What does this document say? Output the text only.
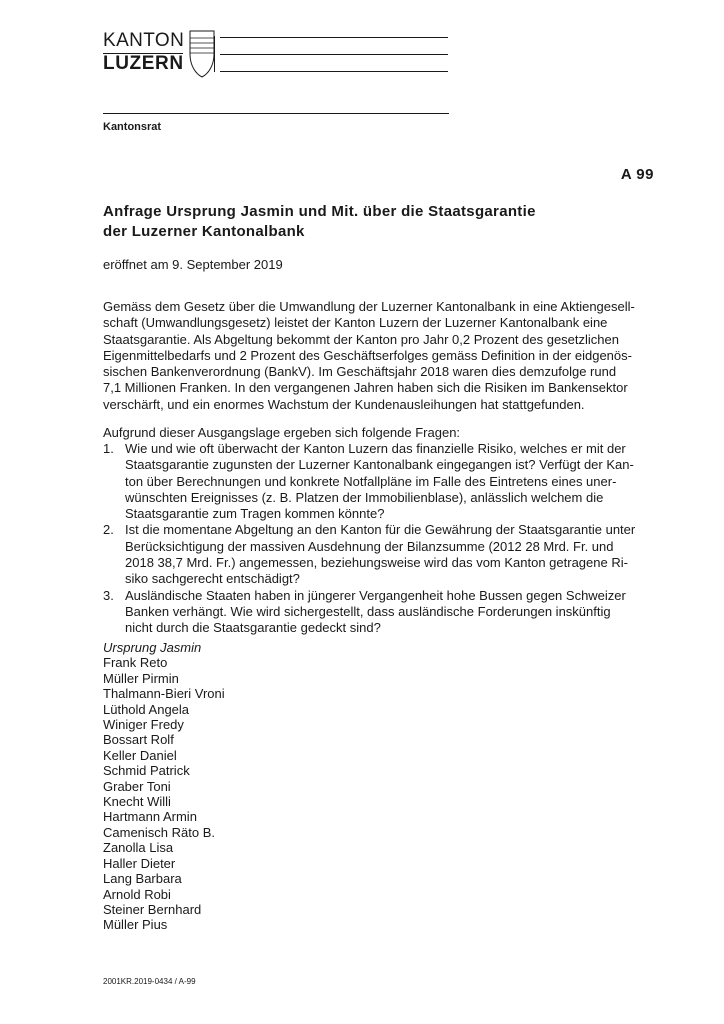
KANTON
LUZERN
Kantonsrat
A 99
Anfrage Ursprung Jasmin und Mit. über die Staatsgarantie
der Luzerner Kantonalbank
eröffnet am 9. September 2019

Gemäss dem Gesetz über die Umwandlung der Luzerner Kantonalbank in eine Aktiengesell-

schaft (Umwandlungsgesetz) leistet der Kanton Luzern der Luzerner Kantonalbank eine

Staatsgarantie. Als Abgeltung bekommt der Kanton pro Jahr 0,2 Prozent des gesetzlichen

Eigenmittelbedarfs und 2 Prozent des Geschäftserfolges gemäss Definition in der eidgenös-

sischen Bankenverordnung (BankV). Im Geschäftsjahr 2018 waren dies demzufolge rund

7,1 Millionen Franken. In den vergangenen Jahren haben sich die Risiken im Bankensektor

verschärft, und ein enormes Wachstum der Kundenausleihungen hat stattgefunden.

Aufgrund dieser Ausgangslage ergeben sich folgende Fragen:
1. Wie und wie oft überwacht der Kanton Luzern das finanzielle Risiko, welches er mit der
Staatsgarantie zugunsten der Luzerner Kantonalbank eingegangen ist? Verfügt der Kan-
ton über Berechnungen und konkrete Notfallpläne im Falle des Eintretens eines uner-
wünschten Ereignisses (z. B. Platzen der Immobilienblase), anlässlich welchem die
Staatsgarantie zum Tragen kommen könnte?
2. Ist die momentane Abgeltung an den Kanton für die Gewährung der Staatsgarantie unter
Berücksichtigung der massiven Ausdehnung der Bilanzsumme (2012 28 Mrd. Fr. und
2018 38,7 Mrd. Fr.) angemessen, beziehungsweise wird das vom Kanton getragene Ri-
siko sachgerecht entschädigt?
3. Ausländische Staaten haben in jüngerer Vergangenheit hohe Bussen gegen Schweizer
Banken verhängt. Wie wird sichergestellt, dass ausländische Forderungen inskünftig
nicht durch die Staatsgarantie gedeckt sind?
Ursprung Jasmin
Frank Reto
Müller Pirmin
Thalmann-Bieri Vroni
Lüthold Angela
Winiger Fredy
Bossart Rolf
Keller Daniel
Schmid Patrick
Graber Toni
Knecht Willi
Hartmann Armin
Camenisch Räto B.
Zanolla Lisa
Haller Dieter
Lang Barbara
Arnold Robi
Steiner Bernhard
Müller Pius
2001KR.2019-0434 / A-99
